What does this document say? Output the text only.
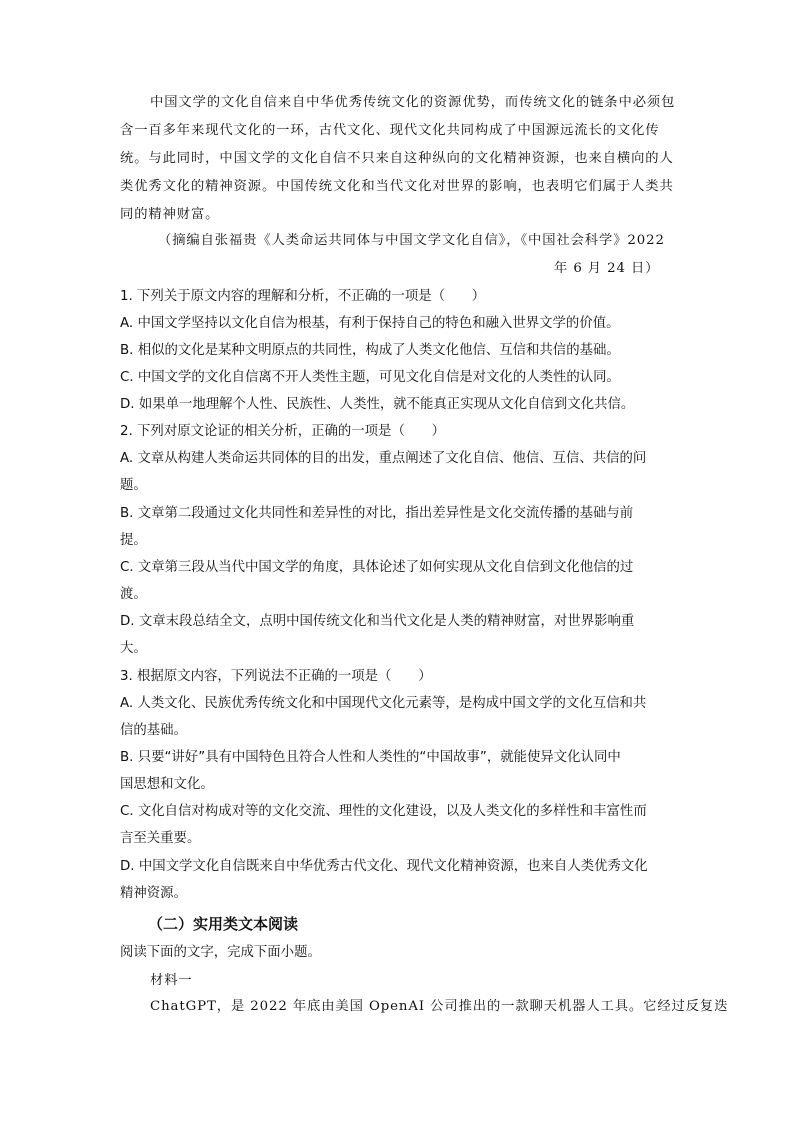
中国文学的文化自信来自中华优秀传统文化的资源优势，而传统文化的链条中必须包
含一百多年来现代文化的一环，古代文化、现代文化共同构成了中国源远流长的文化传
统。与此同时，中国文学的文化自信不只来自这种纵向的文化精神资源，也来自横向的人
类优秀文化的精神资源。中国传统文化和当代文化对世界的影响，也表明它们属于人类共
同的精神财富。
（摘编自张福贵《人类命运共同体与中国文学文化自信》，《中国社会科学》2022
年 6 月 24 日）
1. 下列关于原文内容的理解和分析，不正确的一项是（　　）
A. 中国文学坚持以文化自信为根基，有利于保持自己的特色和融入世界文学的价值。
B. 相似的文化是某种文明原点的共同性，构成了人类文化他信、互信和共信的基础。
C. 中国文学的文化自信离不开人类性主题，可见文化自信是对文化的人类性的认同。
D. 如果单一地理解个人性、民族性、人类性，就不能真正实现从文化自信到文化共信。
2. 下列对原文论证的相关分析，正确的一项是（　　）
A. 文章从构建人类命运共同体的目的出发，重点阐述了文化自信、他信、互信、共信的问
题。
B. 文章第二段通过文化共同性和差异性的对比，指出差异性是文化交流传播的基础与前
提。
C. 文章第三段从当代中国文学的角度，具体论述了如何实现从文化自信到文化他信的过
渡。
D. 文章末段总结全文，点明中国传统文化和当代文化是人类的精神财富，对世界影响重
大。
3. 根据原文内容，下列说法不正确的一项是（　　）
A. 人类文化、民族优秀传统文化和中国现代文化元素等，是构成中国文学的文化互信和共
信的基础。
B. 只要“讲好”具有中国特色且符合人性和人类性的“中国故事”，就能使异文化认同中
国思想和文化。
C. 文化自信对构成对等的文化交流、理性的文化建设，以及人类文化的多样性和丰富性而
言至关重要。
D. 中国文学文化自信既来自中华优秀古代文化、现代文化精神资源，也来自人类优秀文化
精神资源。
（二）实用类文本阅读
阅读下面的文字，完成下面小题。
材料一
ChatGPT，是 2022 年底由美国 OpenAI 公司推出的一款聊天机器人工具。它经过反复迭
